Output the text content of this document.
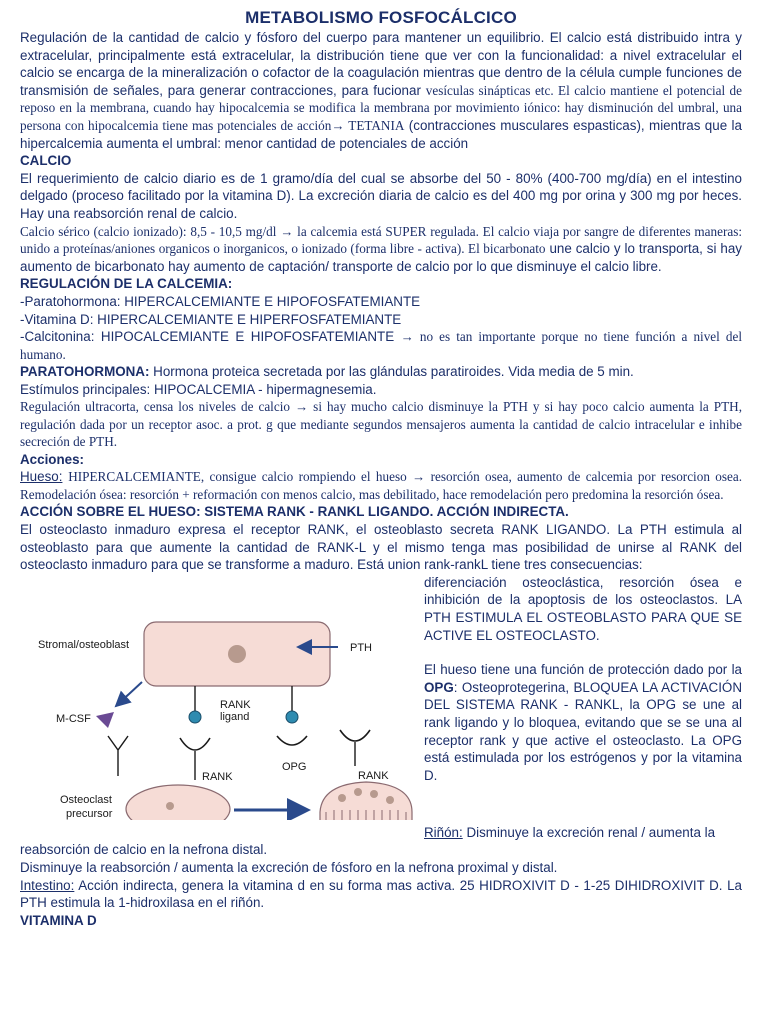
METABOLISMO FOSFOCÁLCICO

Regulación de la cantidad de calcio y fósforo del cuerpo para mantener un equilibrio. El calcio está distribuido intra y extracelular, principalmente está extracelular, la distribución tiene que ver con la funcionalidad: a nivel extracelular el calcio se encarga de la mineralización o cofactor de la coagulación mientras que dentro de la célula cumple funciones de transmisión de señales, para generar contracciones, para fucionar vesículas sinápticas etc. El calcio mantiene el potencial de reposo en la membrana, cuando hay hipocalcemia se modifica la membrana por movimiento iónico: hay disminución del umbral, una persona con hipocalcemia tiene mas potenciales de acción→ TETANIA (contracciones musculares espasticas), mientras que la hipercalcemia aumenta el umbral: menor cantidad de potenciales de acción

CALCIO

El requerimiento de calcio diario es de 1 gramo/día del cual se absorbe del 50 - 80% (400-700 mg/día) en el intestino delgado (proceso facilitado por la vitamina D). La excreción diaria de calcio es del 400 mg por orina y 300 mg por heces. Hay una reabsorción renal de calcio.

Calcio sérico (calcio ionizado): 8,5 - 10,5 mg/dl → la calcemia está SUPER regulada. El calcio viaja por sangre de diferentes maneras: unido a proteínas/aniones organicos o inorganicos, o ionizado (forma libre - activa). El bicarbonato une calcio y lo transporta, si hay aumento de bicarbonato hay aumento de captación/ transporte de calcio por lo que disminuye el calcio libre.

REGULACIÓN DE LA CALCEMIA:

-Paratohormona: HIPERCALCEMIANTE E HIPOFOSFATEMIANTE

-Vitamina D: HIPERCALCEMIANTE E HIPERFOSFATEMIANTE

-Calcitonina: HIPOCALCEMIANTE E HIPOFOSFATEMIANTE → no es tan importante porque no tiene función a nivel del humano.

PARATOHORMONA: Hormona proteica secretada por las glándulas paratiroides. Vida media de 5 min.

Estímulos principales: HIPOCALCEMIA - hipermagnesemia.

Regulación ultracorta, censa los niveles de calcio → si hay mucho calcio disminuye la PTH y si hay poco calcio aumenta la PTH, regulación dada por un receptor asoc. a prot. g que mediante segundos mensajeros aumenta la cantidad de calcio intracelular e inhibe secreción de PTH.

Acciones:

Hueso: HIPERCALCEMIANTE, consigue calcio rompiendo el hueso → resorción osea, aumento de calcemia por resorcion osea. Remodelación ósea: resorción + reformación con menos calcio, mas debilitado, hace remodelación pero predomina la resorción ósea.

ACCIÓN SOBRE EL HUESO: SISTEMA RANK - RANKL LIGANDO. ACCIÓN INDIRECTA.

El osteoclasto inmaduro expresa el receptor RANK, el osteoblasto secreta RANK LIGANDO. La PTH estimula al osteoblasto para que aumente la cantidad de RANK-L y el mismo tenga mas posibilidad de unirse al RANK del osteoclasto inmaduro para que se transforme a maduro. Está union rank-rankL tiene tres consecuencias:

Stromal/osteoblast	PTH
RANK
ligand
M-CSF
RANK
OPG
RANK
Osteoclast
precursor

diferenciación osteoclástica, resorción ósea e inhibición de la apoptosis de los osteoclastos. LA PTH ESTIMULA EL OSTEOBLASTO PARA QUE SE ACTIVE EL OSTEOCLASTO.

El hueso tiene una función de protección dado por la OPG: Osteoprotegerina, BLOQUEA LA ACTIVACIÓN DEL SISTEMA RANK - RANKL, la OPG se une al rank ligando y lo bloquea, evitando que se se una al receptor rank y que active el osteoclasto. La OPG está estimulada por los estrógenos y por la vitamina D.

Riñón: Disminuye la excreción renal / aumenta la

reabsorción de calcio en la nefrona distal.

Disminuye la reabsorción / aumenta la excreción de fósforo en la nefrona proximal y distal.

Intestino: Acción indirecta, genera la vitamina d en su forma mas activa. 25 HIDROXIVIT D - 1-25 DIHIDROXIVIT D. La PTH estimula la 1-hidroxilasa en el riñón.

VITAMINA D
